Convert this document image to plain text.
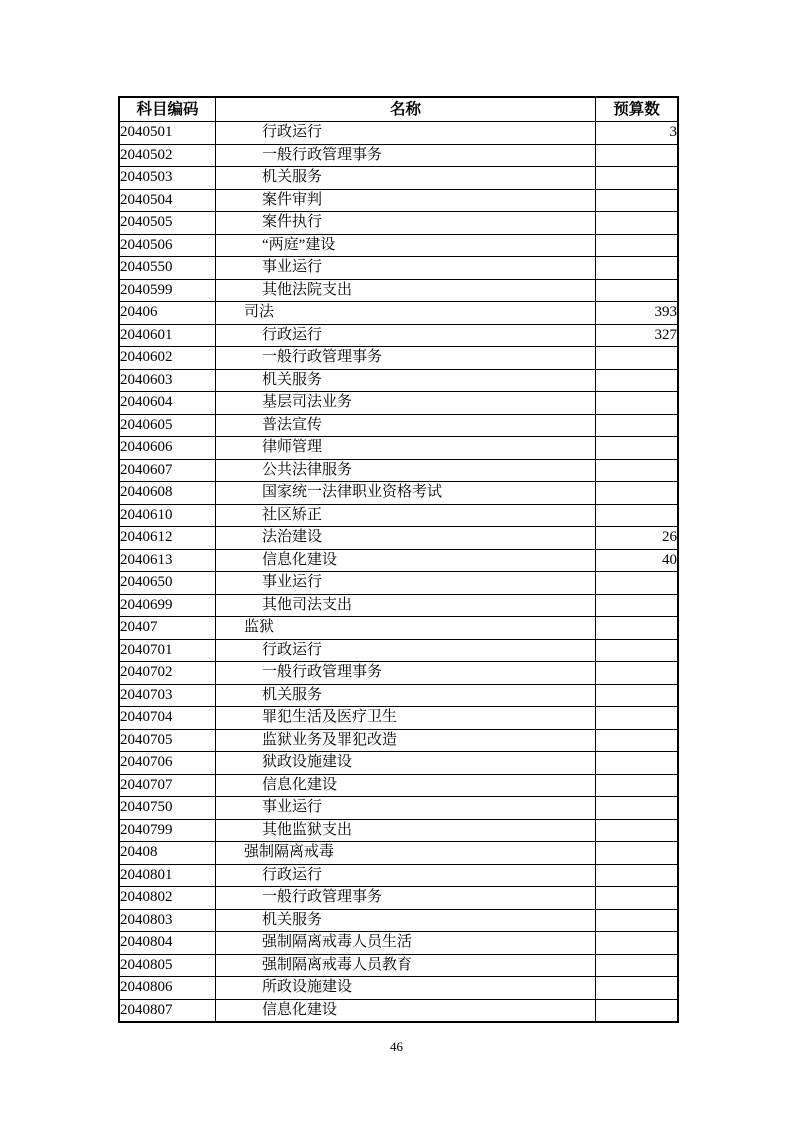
科目编码	名称	预算数
2040501	行政运行	3
2040502	一般行政管理事务	
2040503	机关服务	
2040504	案件审判	
2040505	案件执行	
2040506	“两庭”建设	
2040550	事业运行	
2040599	其他法院支出	
20406	司法	393
2040601	行政运行	327
2040602	一般行政管理事务	
2040603	机关服务	
2040604	基层司法业务	
2040605	普法宣传	
2040606	律师管理	
2040607	公共法律服务	
2040608	国家统一法律职业资格考试	
2040610	社区矫正	
2040612	法治建设	26
2040613	信息化建设	40
2040650	事业运行	
2040699	其他司法支出	
20407	监狱	
2040701	行政运行	
2040702	一般行政管理事务	
2040703	机关服务	
2040704	罪犯生活及医疗卫生	
2040705	监狱业务及罪犯改造	
2040706	狱政设施建设	
2040707	信息化建设	
2040750	事业运行	
2040799	其他监狱支出	
20408	强制隔离戒毒	
2040801	行政运行	
2040802	一般行政管理事务	
2040803	机关服务	
2040804	强制隔离戒毒人员生活	
2040805	强制隔离戒毒人员教育	
2040806	所政设施建设	
2040807	信息化建设	
46
